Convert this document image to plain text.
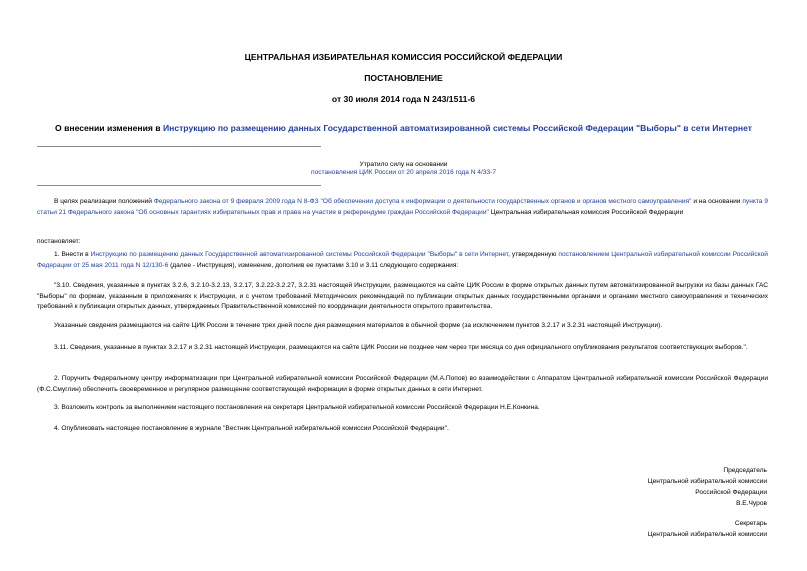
ЦЕНТРАЛЬНАЯ ИЗБИРАТЕЛЬНАЯ КОМИССИЯ РОССИЙСКОЙ ФЕДЕРАЦИИ
ПОСТАНОВЛЕНИЕ
от 30 июля 2014 года N 243/1511-6
О внесении изменения в Инструкцию по размещению данных Государственной автоматизированной системы Российской Федерации "Выборы" в сети Интернет
Утратило силу на основании
постановления ЦИК России от 20 апреля 2016 года N 4/33-7
В целях реализации положений Федерального закона от 9 февраля 2009 года N 8-ФЗ "Об обеспечении доступа к информации о деятельности государственных органов и органов местного самоуправления" и на основании пункта 9 статьи 21 Федерального закона "Об основных гарантиях избирательных прав и права на участие в референдуме граждан Российской Федерации" Центральная избирательная комиссия Российской Федерации
постановляет:
1. Внести в Инструкцию по размещению данных Государственной автоматизированной системы Российской Федерации "Выборы" в сети Интернет, утвержденную постановлением Центральной избирательной комиссии Российской Федерации от 25 мая 2011 года N 12/130-6 (далее - Инструкция), изменение, дополнив ее пунктами 3.10 и 3.11 следующего содержания:
"3.10. Сведения, указанные в пунктах 3.2.6, 3.2.10-3.2.13, 3.2.17, 3.2.22-3.2.27, 3.2.31 настоящей Инструкции, размещаются на сайте ЦИК России в форме открытых данных путем автоматизированной выгрузки из базы данных ГАС "Выборы" по формам, указанным в приложениях к Инструкции, и с учетом требований Методических рекомендаций по публикации открытых данных государственными органами и органами местного самоуправления и технических требований к публикации открытых данных, утверждаемых Правительственной комиссией по координации деятельности открытого правительства.
Указанные сведения размещаются на сайте ЦИК России в течение трех дней после дня размещения материалов в обычной форме (за исключением пунктов 3.2.17 и 3.2.31 настоящей Инструкции).
3.11. Сведения, указанные в пунктах 3.2.17 и 3.2.31 настоящей Инструкции, размещаются на сайте ЦИК России не позднее чем через три месяца со дня официального опубликования результатов соответствующих выборов.".
2. Поручить Федеральному центру информатизации при Центральной избирательной комиссии Российской Федерации (М.А.Попов) во взаимодействии с Аппаратом Центральной избирательной комиссии Российской Федерации (Ф.С.Смуглин) обеспечить своевременное и регулярное размещение соответствующей информации в форме открытых данных в сети Интернет.
3. Возложить контроль за выполнением настоящего постановления на секретаря Центральной избирательной комиссии Российской Федерации Н.Е.Конкина.
4. Опубликовать настоящее постановление в журнале "Вестник Центральной избирательной комиссии Российской Федерации".
Председатель
Центральной избирательной комиссии
Российской Федерации
В.Е.Чуров
Секретарь
Центральной избирательной комиссии
